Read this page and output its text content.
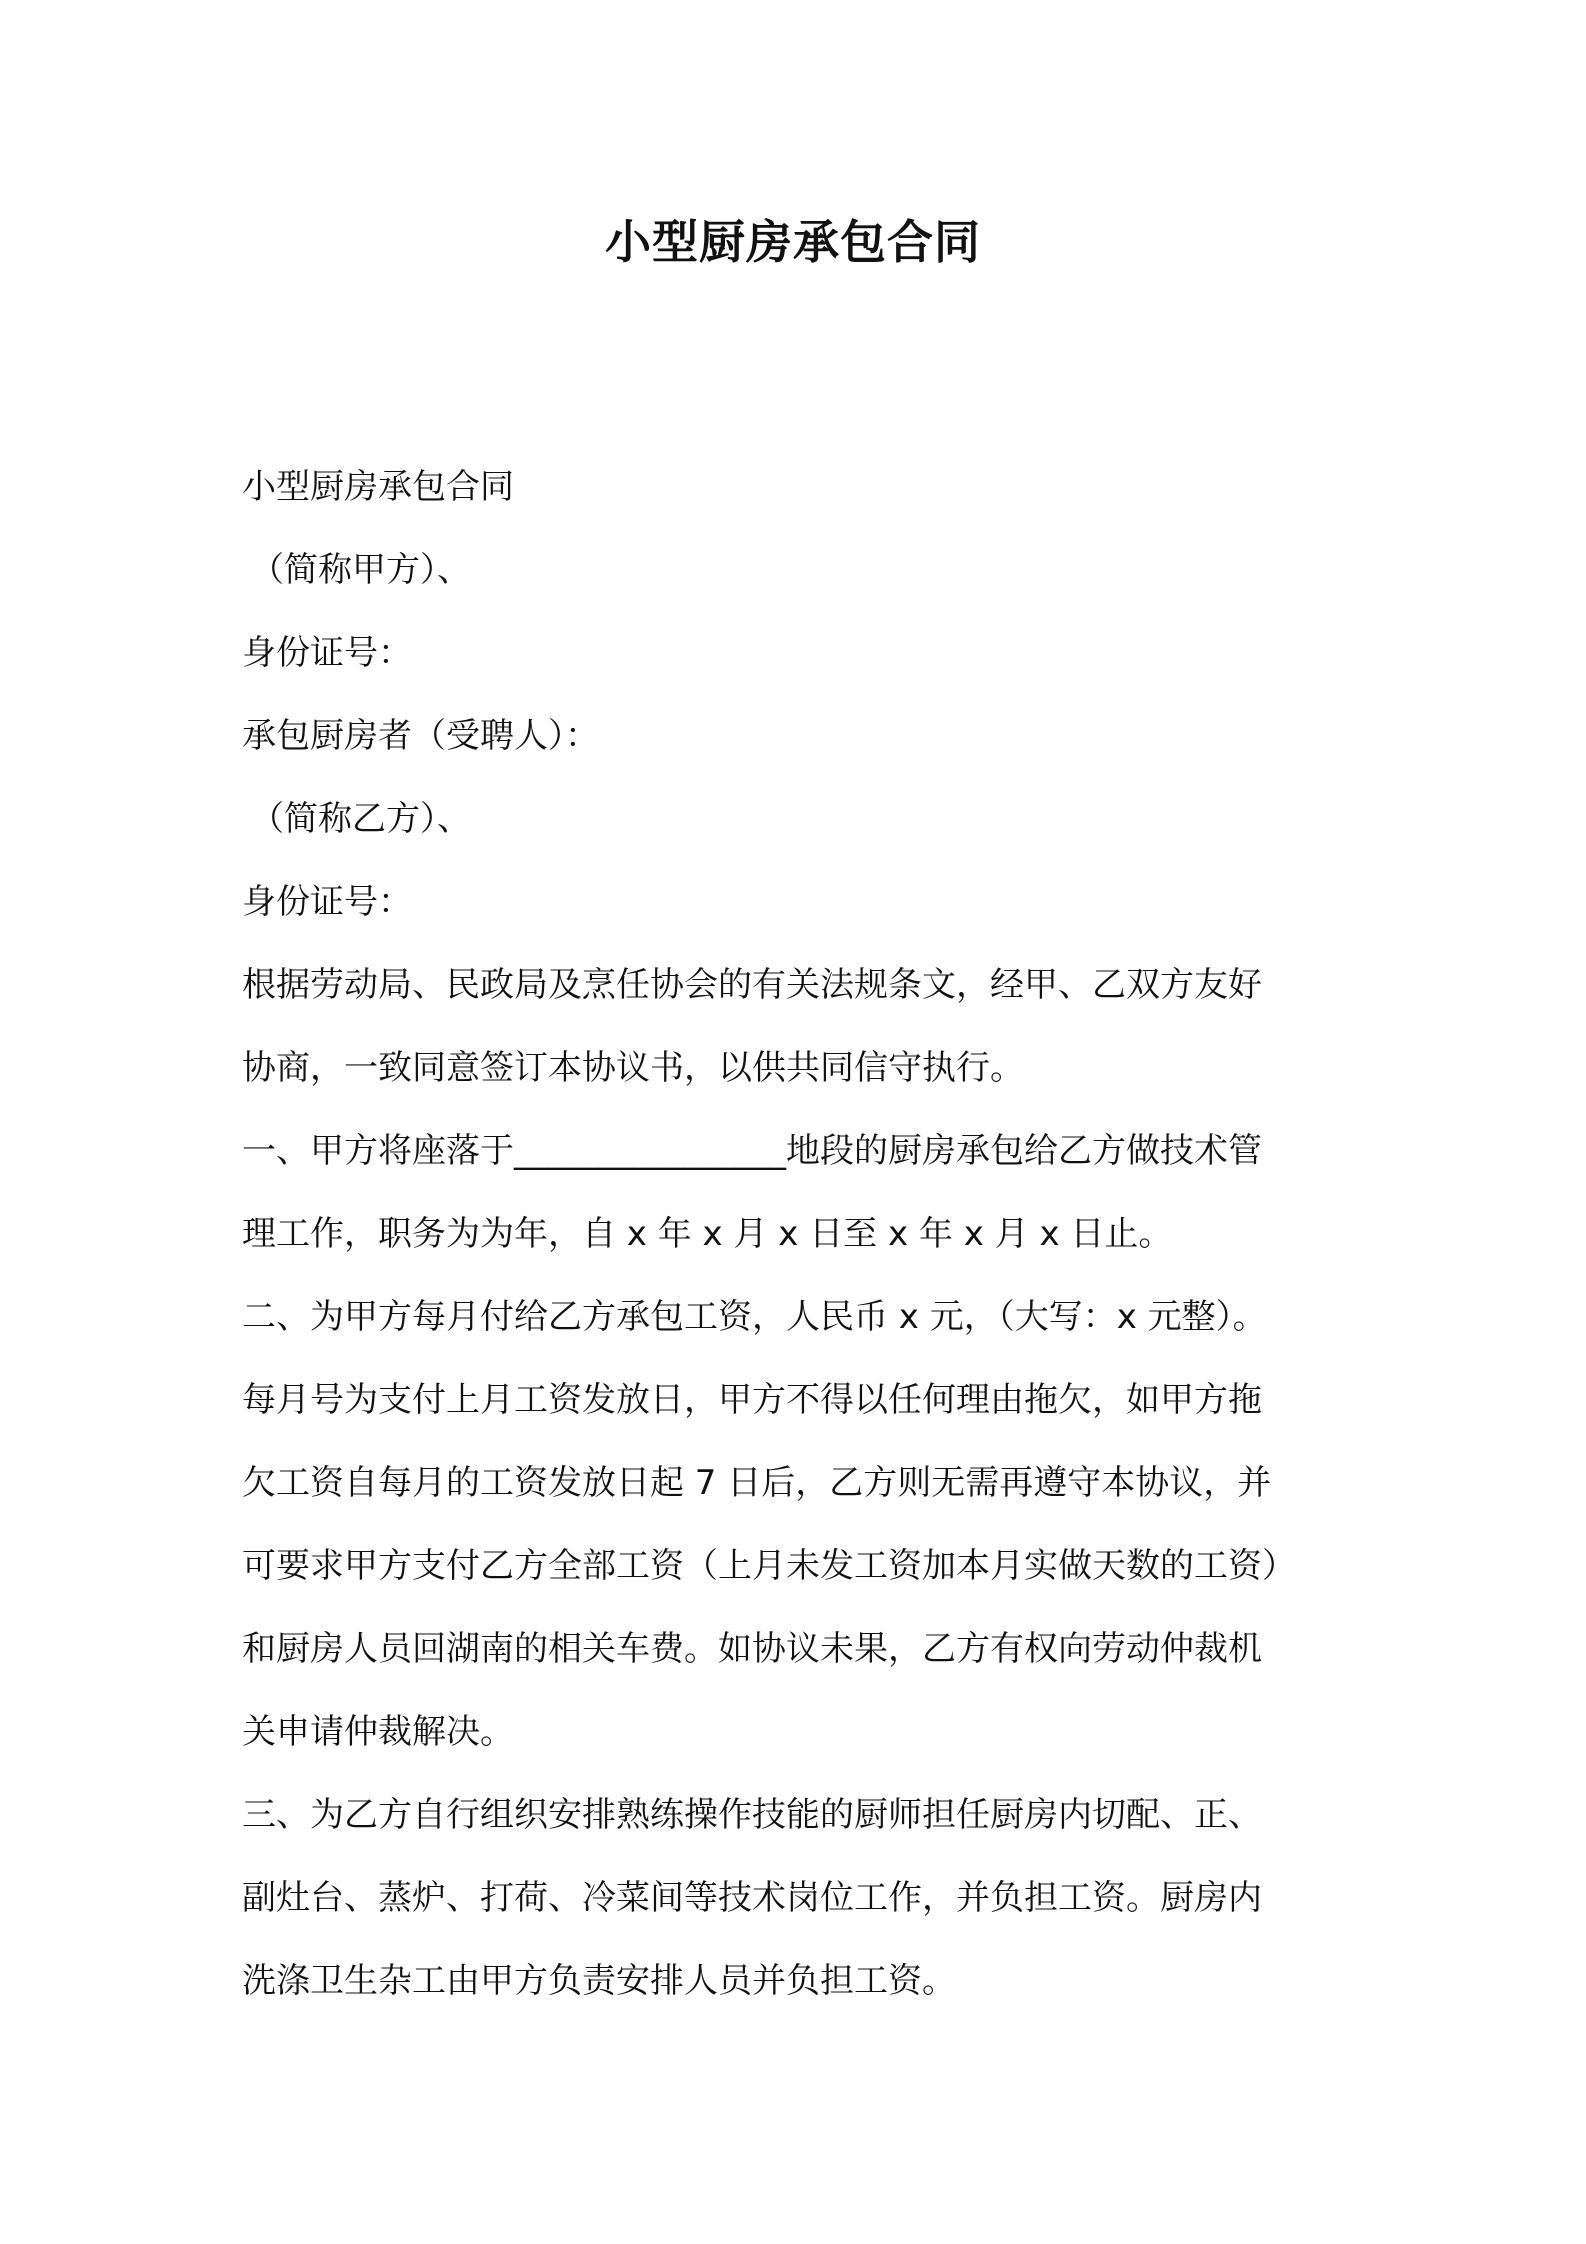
小型厨房承包合同

小型厨房承包合同

（简称甲方）、

身份证号：

承包厨房者（受聘人）：

（简称乙方）、

身份证号：

根据劳动局、民政局及烹任协会的有关法规条文，经甲、乙双方友好

协商，一致同意签订本协议书，以供共同信守执行。

一、甲方将座落于________________地段的厨房承包给乙方做技术管

理工作，职务为为年，自 x 年 x 月 x 日至 x 年 x 月 x 日止。

二、为甲方每月付给乙方承包工资，人民币 x 元，（大写：x 元整）。

每月号为支付上月工资发放日，甲方不得以任何理由拖欠，如甲方拖

欠工资自每月的工资发放日起 7 日后，乙方则无需再遵守本协议，并

可要求甲方支付乙方全部工资（上月未发工资加本月实做天数的工资）

和厨房人员回湖南的相关车费。如协议未果，乙方有权向劳动仲裁机

关申请仲裁解决。

三、为乙方自行组织安排熟练操作技能的厨师担任厨房内切配、正、

副灶台、蒸炉、打荷、冷菜间等技术岗位工作，并负担工资。厨房内

洗涤卫生杂工由甲方负责安排人员并负担工资。
